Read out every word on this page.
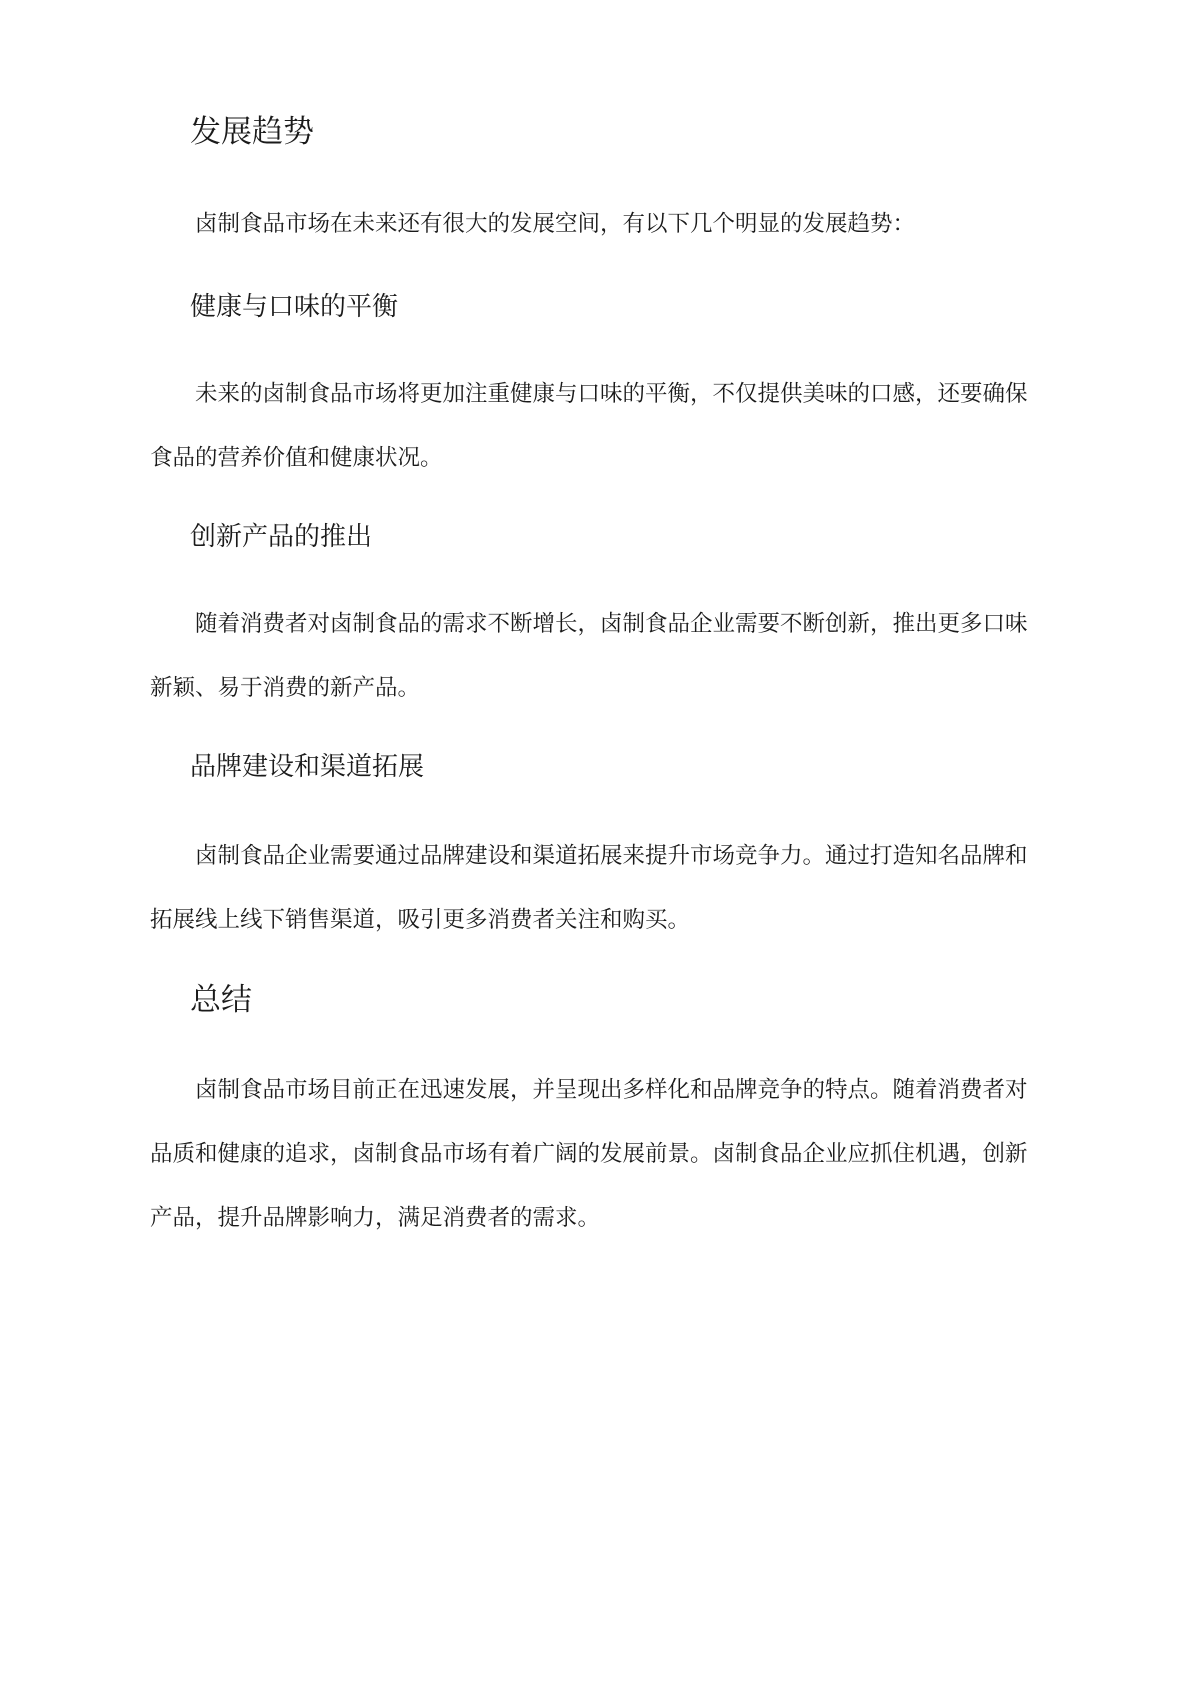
发展趋势

卤制食品市场在未来还有很大的发展空间，有以下几个明显的发展趋势：

健康与口味的平衡

未来的卤制食品市场将更加注重健康与口味的平衡，不仅提供美味的口感，还要确保食品的营养价值和健康状况。

创新产品的推出

随着消费者对卤制食品的需求不断增长，卤制食品企业需要不断创新，推出更多口味新颖、易于消费的新产品。

品牌建设和渠道拓展

卤制食品企业需要通过品牌建设和渠道拓展来提升市场竞争力。通过打造知名品牌和拓展线上线下销售渠道，吸引更多消费者关注和购买。

总结

卤制食品市场目前正在迅速发展，并呈现出多样化和品牌竞争的特点。随着消费者对品质和健康的追求，卤制食品市场有着广阔的发展前景。卤制食品企业应抓住机遇，创新产品，提升品牌影响力，满足消费者的需求。
